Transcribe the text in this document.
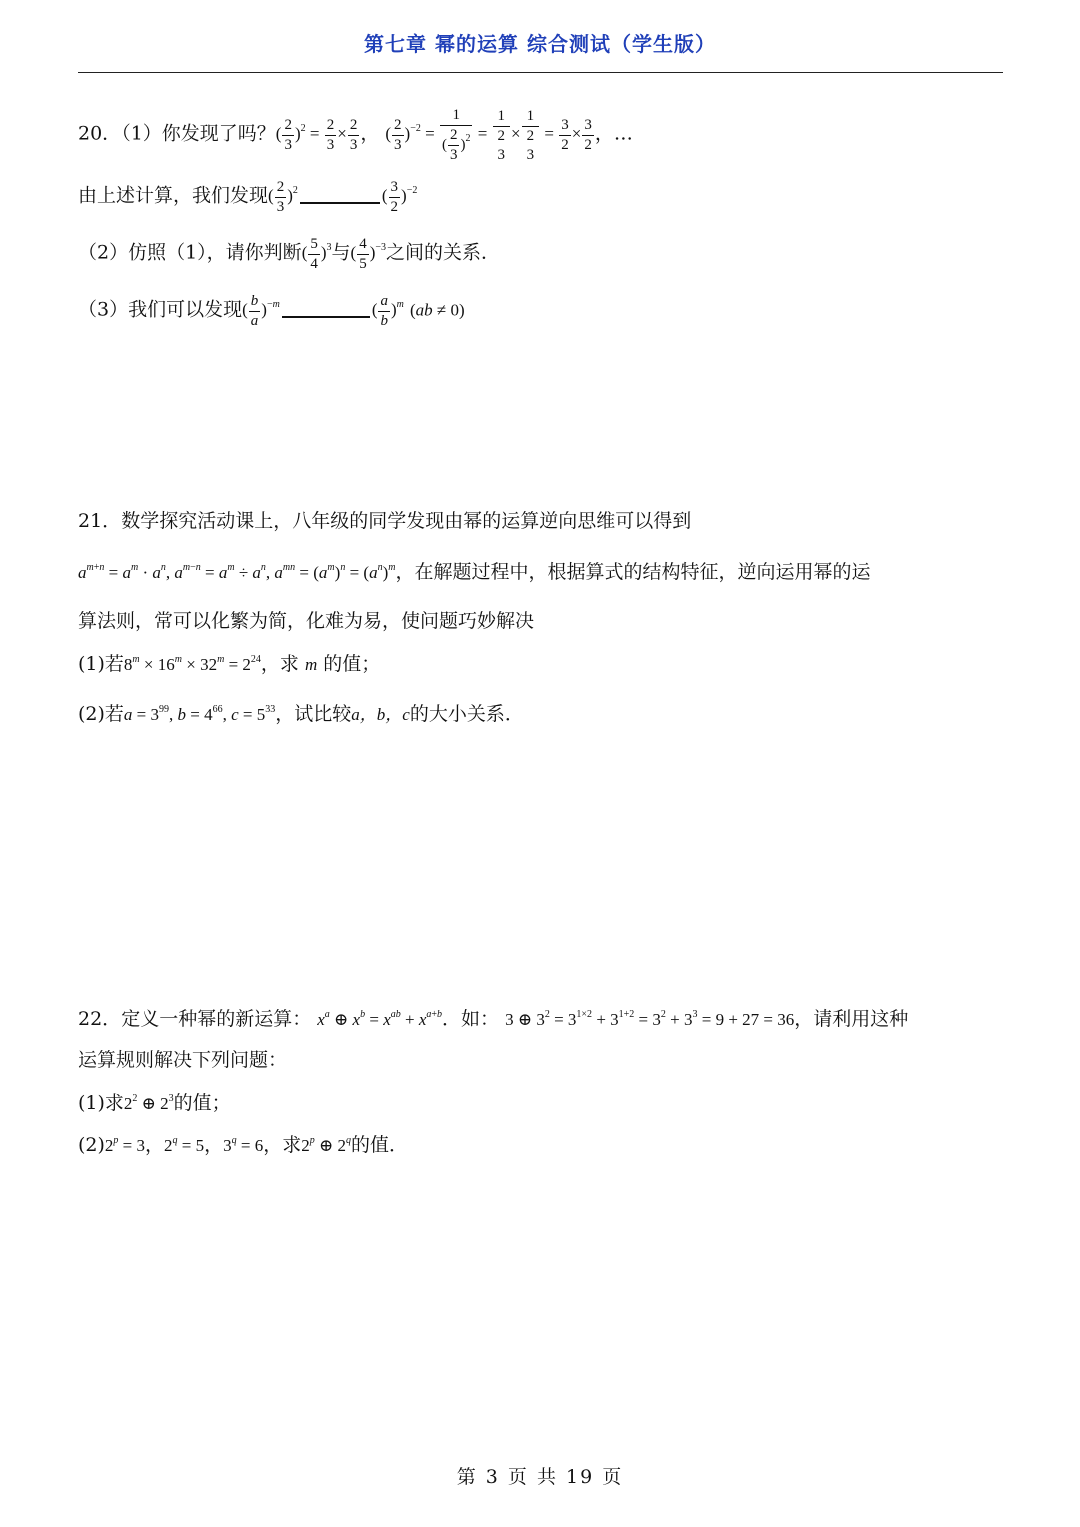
第七章 幂的运算 综合测试（学生版）
20．（1）你发现了吗？( $\frac{2}{3} )^2 = \frac{2}{3} \times \frac{2}{3}$ ， ( $\frac{2}{3} )^{-2} = \frac{1}{( \frac{2}{3} )^2} = 1$
2
3 × 1
2
$3 = \frac{3}{2} \times \frac{3}{2}$ ，…
由上述计算，我们发现( $\frac{2}{3} )^2$	( $\frac{3}{2} )^{-2}$
（2）仿照（1），请你判断( $\frac{5}{4} )^3$与( $\frac{4}{5} )^{-3}$之间的关系．
（3）我们可以发现( $\frac{b}{a} )^{-m}$	( $\frac{a}{b} )^m$ (ab ≠ 0)
21．数学探究活动课上，八年级的同学发现由幂的运算逆向思维可以得到
$a^{m+n} = a^m \cdot a^n$, $a^{m-n} = a^m \div a^n$, $a^{mn} = (a^m)^n = (a^n)^m$，在解题过程中，根据算式的结构特征，逆向运用幂的运
算法则，常可以化繁为简，化难为易，使问题巧妙解决
(1)若$8^m \times 16^m \times 32^m = 2^{24}$，求 m 的值；
(2)若$a = 3^{99}$, $b = 4^{66}$, $c = 5^{33}$，试比较a，b，c的大小关系．
22．定义一种幂的新运算： $x^a$ ⊕ $x^b = x^{ab} + x^{a+b}$．如： 3 ⊕ $3^2 = 3^{1\times 2} + 3^{1+2} = 3^2 + 3^3 = 9 + 27 = 36$，请利用这种
运算规则解决下列问题：
(1)求$2^2$ ⊕ $2^3$的值；
$(2)2^p = 3$，$2^q = 5$，$3^q = 6$，求2$^p$ ⊕ 2$^q$的值．
第 3 页 共 19 页
